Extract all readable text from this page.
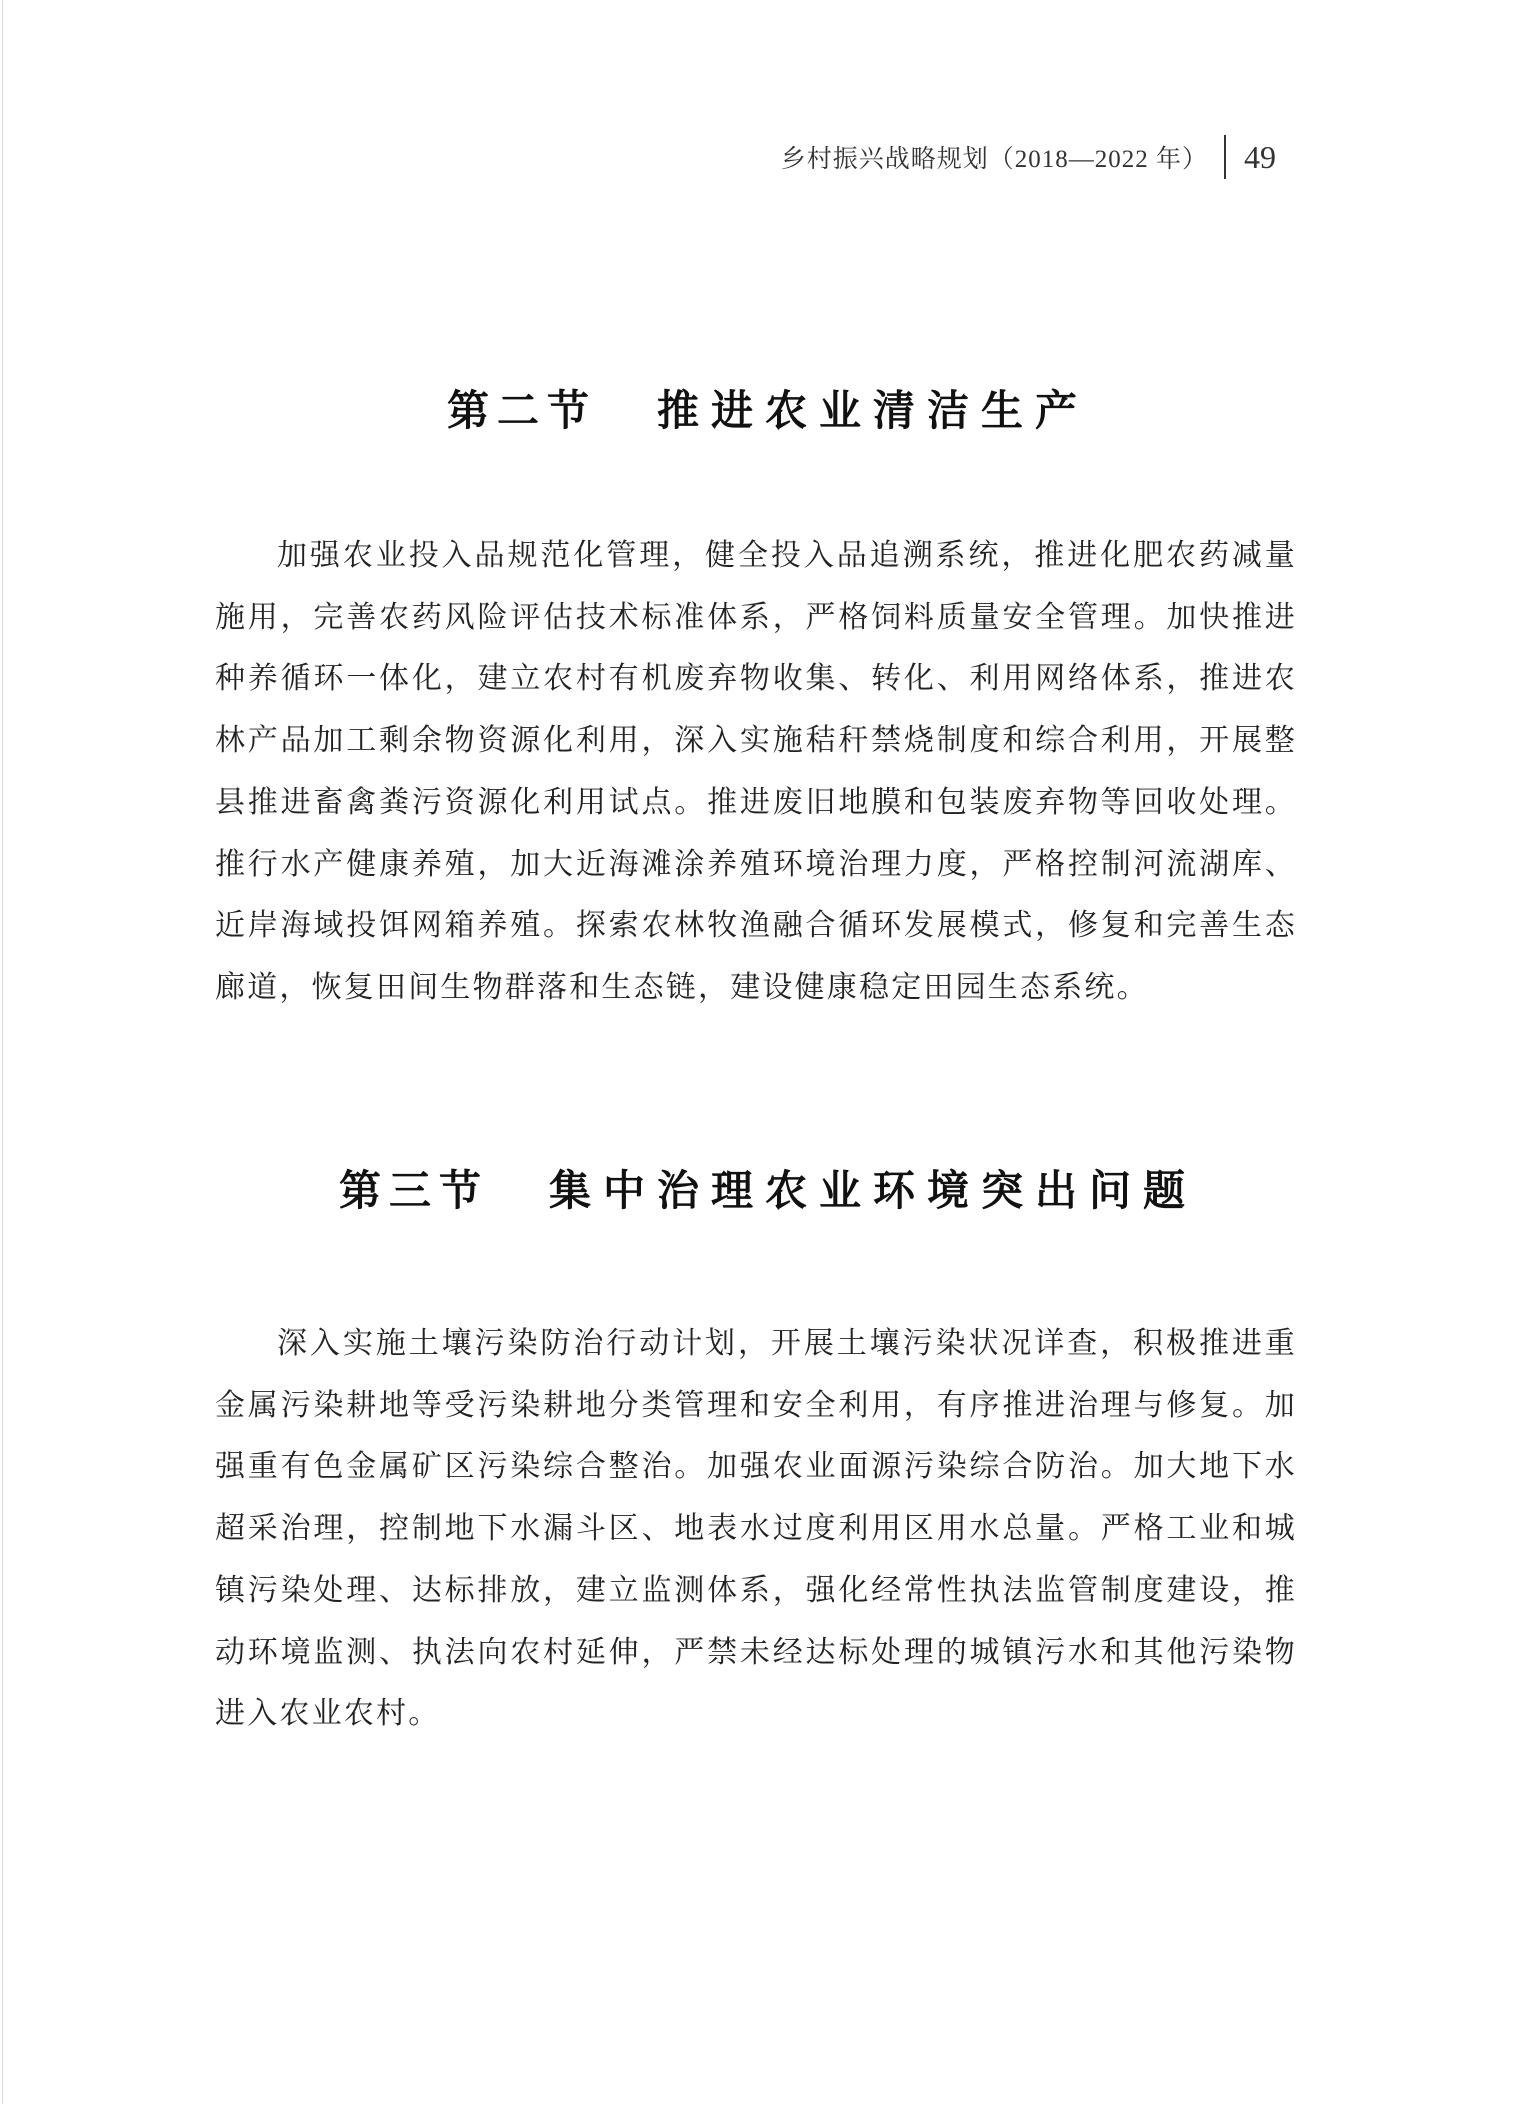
乡村振兴战略规划（2018—2022 年） 49
第二节 推进农业清洁生产

加强农业投入品规范化管理，健全投入品追溯系统，推进化肥农药减量施用，完善农药风险评估技术标准体系，严格饲料质量安全管理。加快推进种养循环一体化，建立农村有机废弃物收集、转化、利用网络体系，推进农林产品加工剩余物资源化利用，深入实施秸秆禁烧制度和综合利用，开展整县推进畜禽粪污资源化利用试点。推进废旧地膜和包装废弃物等回收处理。推行水产健康养殖，加大近海滩涂养殖环境治理力度，严格控制河流湖库、近岸海域投饵网箱养殖。探索农林牧渔融合循环发展模式，修复和完善生态廊道，恢复田间生物群落和生态链，建设健康稳定田园生态系统。

第三节 集中治理农业环境突出问题

深入实施土壤污染防治行动计划，开展土壤污染状况详查，积极推进重金属污染耕地等受污染耕地分类管理和安全利用，有序推进治理与修复。加强重有色金属矿区污染综合整治。加强农业面源污染综合防治。加大地下水超采治理，控制地下水漏斗区、地表水过度利用区用水总量。严格工业和城镇污染处理、达标排放，建立监测体系，强化经常性执法监管制度建设，推动环境监测、执法向农村延伸，严禁未经达标处理的城镇污水和其他污染物进入农业农村。
